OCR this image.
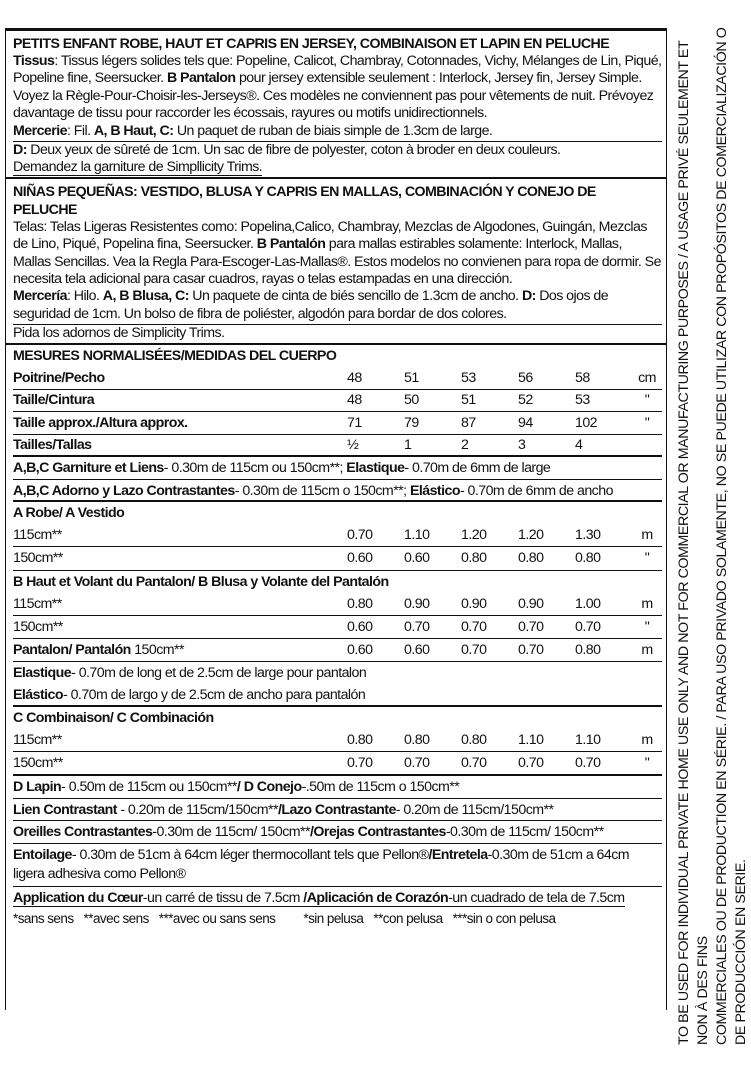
PETITS ENFANT ROBE, HAUT ET CAPRIS EN JERSEY, COMBINAISON ET LAPIN EN PELUCHE

Tissus: Tissus légers solides tels que: Popeline, Calicot, Chambray, Cotonnades, Vichy, Mélanges de Lin, Piqué, Popeline fine, Seersucker. B Pantalon pour jersey extensible seulement : Interlock, Jersey fin, Jersey Simple. Voyez la Règle-Pour-Choisir-les-Jerseys®. Ces modèles ne conviennent pas pour vêtements de nuit. Prévoyez davantage de tissu pour raccorder les écossais, rayures ou motifs unidirectionnels.

Mercerie: Fil. A, B Haut, C: Un paquet de ruban de biais simple de 1.3cm de large.

D: Deux yeux de sûreté de 1cm. Un sac de fibre de polyester, coton à broder en deux couleurs.

Demandez la garniture de Simpllicity Trims.

NIÑAS PEQUEÑAS: VESTIDO, BLUSA Y CAPRIS EN MALLAS, COMBINACIÓN Y CONEJO DE PELUCHE

Telas: Telas Ligeras Resistentes como: Popelina,Calico, Chambray, Mezclas de Algodones, Guingán, Mezclas de Lino, Piqué, Popelina fina, Seersucker. B Pantalón para mallas estirables solamente: Interlock, Mallas, Mallas Sencillas. Vea la Regla Para-Escoger-Las-Mallas®. Estos modelos no convienen para ropa de dormir. Se necesita tela adicional para casar cuadros, rayas o telas estampadas en una dirección.

Mercería: Hilo. A, B Blusa, C: Un paquete de cinta de biés sencillo de 1.3cm de ancho. D: Dos ojos de seguridad de 1cm. Un bolso de fibra de poliéster, algodón para bordar de dos colores.

Pida los adornos de Simplicity Trims.

MESURES NORMALISÉES/MEDIDAS DEL CUERPO
Poitrine/Pecho	48	51	53	56	58	cm
Taille/Cintura	48	50	51	52	53	"
Taille approx./Altura approx.	71	79	87	94	102	"
Tailles/Tallas	½	1	2	3	4
A,B,C Garniture et Liens- 0.30m de 115cm ou 150cm**; Elastique- 0.70m de 6mm de large
A,B,C Adorno y Lazo Contrastantes- 0.30m de 115cm o 150cm**; Elástico- 0.70m de 6mm de ancho
A Robe/ A Vestido
115cm**	0.70	1.10	1.20	1.20	1.30	m
150cm**	0.60	0.60	0.80	0.80	0.80	"
B Haut et Volant du Pantalon/ B Blusa y Volante del Pantalón
115cm**	0.80	0.90	0.90	0.90	1.00	m
150cm**	0.60	0.70	0.70	0.70	0.70	"
Pantalon/ Pantalón 150cm**	0.60	0.60	0.70	0.70	0.80	m
Elastique- 0.70m de long et de 2.5cm de large pour pantalon
Elástico- 0.70m de largo y de 2.5cm de ancho para pantalón
C Combinaison/ C Combinación
115cm**	0.80	0.80	0.80	1.10	1.10	m
150cm**	0.70	0.70	0.70	0.70	0.70	"
D Lapin- 0.50m de 115cm ou 150cm**/ D Conejo-.50m de 115cm o 150cm**
Lien Contrastant - 0.20m de 115cm/150cm**/Lazo Contrastante- 0.20m de 115cm/150cm**
Oreilles Contrastantes-0.30m de 115cm/ 150cm**/Orejas Contrastantes-0.30m de 115cm/ 150cm**
Entoilage- 0.30m de 51cm à 64cm léger thermocollant tels que Pellon®/Entretela-0.30m de 51cm a 64cm ligera adhesiva como Pellon®
Application du Cœur-un carré de tissu de 7.5cm /Aplicación de Corazón-un cuadrado de tela de 7.5cm
*sans sens **avec sens ***avec ou sans sens *sin pelusa **con pelusa ***sin o con pelusa	TO BE USED FOR INDIVIDUAL PRIVATE HOME USE ONLY AND NOT FOR COMMERCIAL OR MANUFACTURING PURPOSES / A USAGE PRIVÉ SEULEMENT ET NON À DES FINS COMMERCIALES OU DE PRODUCTION EN SÉRIE. / PARA USO PRIVADO SOLAMENTE, NO SE PUEDE UTILIZAR CON PROPÓSITOS DE COMERCIALIZACIÓN O DE PRODUCCIÓN EN SERIE.
